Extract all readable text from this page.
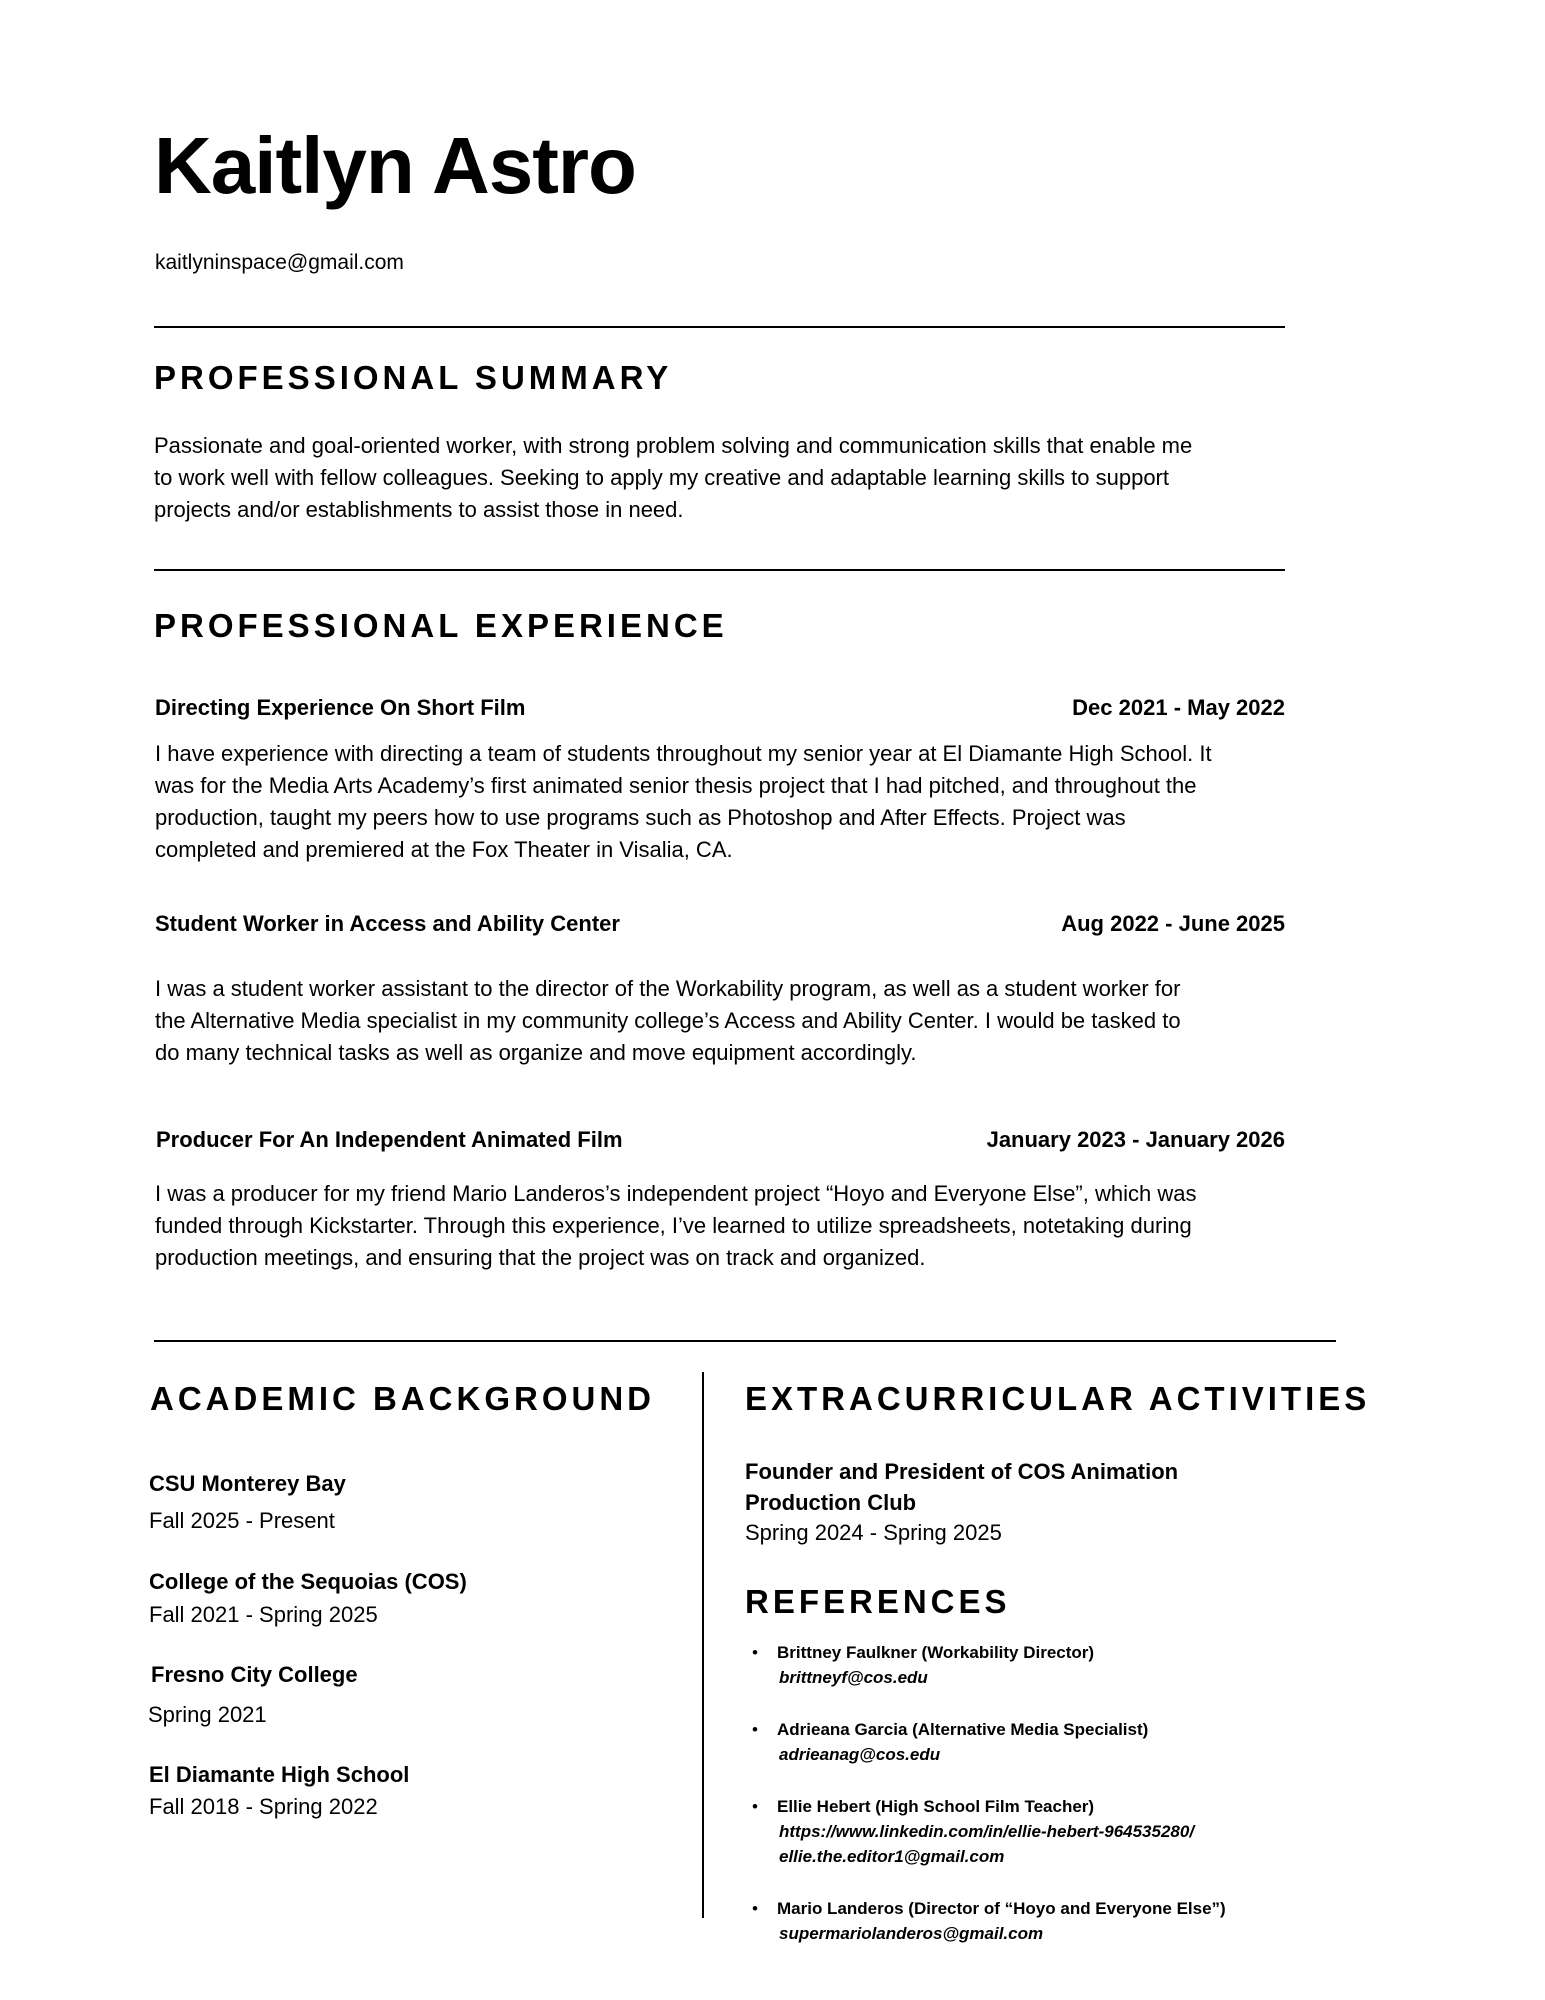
Kaitlyn Astro
kaitlyninspace@gmail.com
PROFESSIONAL SUMMARY
Passionate and goal-oriented worker, with strong problem solving and communication skills that enable me
to work well with fellow colleagues. Seeking to apply my creative and adaptable learning skills to support
projects and/or establishments to assist those in need.
PROFESSIONAL EXPERIENCE
Directing Experience On Short Film	Dec 2021 - May 2022
I have experience with directing a team of students throughout my senior year at El Diamante High School. It
was for the Media Arts Academy’s first animated senior thesis project that I had pitched, and throughout the
production, taught my peers how to use programs such as Photoshop and After Effects. Project was
completed and premiered at the Fox Theater in Visalia, CA.
Student Worker in Access and Ability Center	Aug 2022 - June 2025
I was a student worker assistant to the director of the Workability program, as well as a student worker for
the Alternative Media specialist in my community college’s Access and Ability Center. I would be tasked to
do many technical tasks as well as organize and move equipment accordingly.
Producer For An Independent Animated Film	January 2023 - January 2026
I was a producer for my friend Mario Landeros’s independent project “Hoyo and Everyone Else”, which was
funded through Kickstarter. Through this experience, I’ve learned to utilize spreadsheets, notetaking during
production meetings, and ensuring that the project was on track and organized.
ACADEMIC BACKGROUND
CSU Monterey Bay
Fall 2025 - Present
College of the Sequoias (COS)
Fall 2021 - Spring 2025
Fresno City College
Spring 2021
El Diamante High School
Fall 2018 - Spring 2022
EXTRACURRICULAR ACTIVITIES
Founder and President of COS Animation
Production Club
Spring 2024 - Spring 2025
REFERENCES
• Brittney Faulkner (Workability Director)
brittneyf@cos.edu
• Adrieana Garcia (Alternative Media Specialist)
adrieanag@cos.edu
• Ellie Hebert (High School Film Teacher)
https://www.linkedin.com/in/ellie-hebert-964535280/
ellie.the.editor1@gmail.com
• Mario Landeros (Director of “Hoyo and Everyone Else”)
supermariolanderos@gmail.com
